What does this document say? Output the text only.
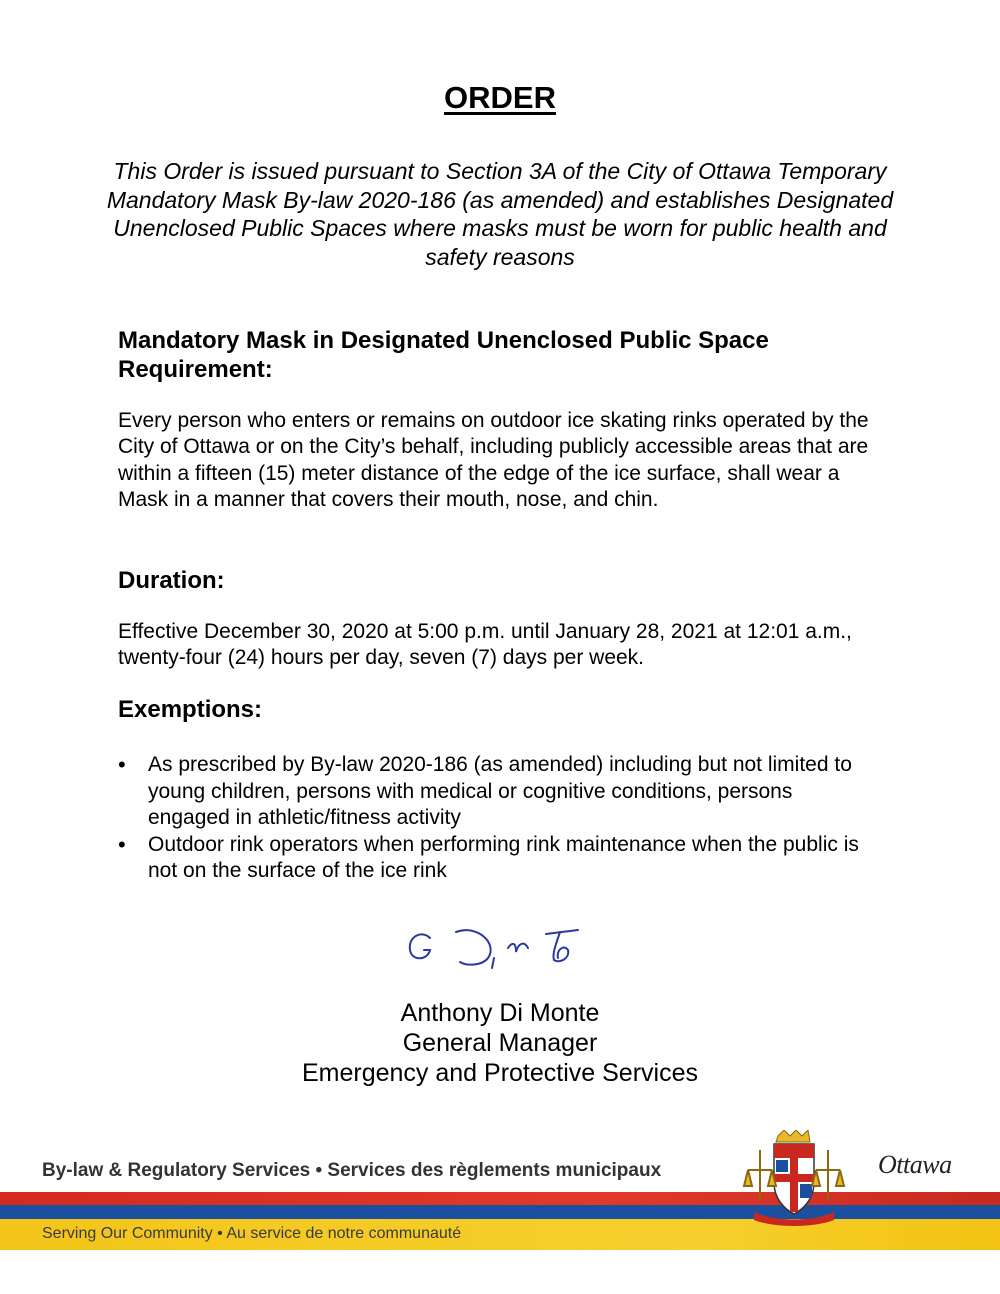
ORDER
This Order is issued pursuant to Section 3A of the City of Ottawa Temporary Mandatory Mask By-law 2020-186 (as amended) and establishes Designated Unenclosed Public Spaces where masks must be worn for public health and safety reasons
Mandatory Mask in Designated Unenclosed Public Space Requirement:
Every person who enters or remains on outdoor ice skating rinks operated by the City of Ottawa or on the City’s behalf, including publicly accessible areas that are within a fifteen (15) meter distance of the edge of the ice surface, shall wear a Mask in a manner that covers their mouth, nose, and chin.
Duration:
Effective December 30, 2020 at 5:00 p.m. until January 28, 2021 at 12:01 a.m., twenty-four (24) hours per day, seven (7) days per week.
Exemptions:
• As prescribed by By-law 2020-186 (as amended) including but not limited to young children, persons with medical or cognitive conditions, persons engaged in athletic/fitness activity
• Outdoor rink operators when performing rink maintenance when the public is not on the surface of the ice rink
Anthony Di Monte
General Manager
Emergency and Protective Services
By-law & Regulatory Services • Services des règlements municipaux
Serving Our Community • Au service de notre communauté
Ottawa
